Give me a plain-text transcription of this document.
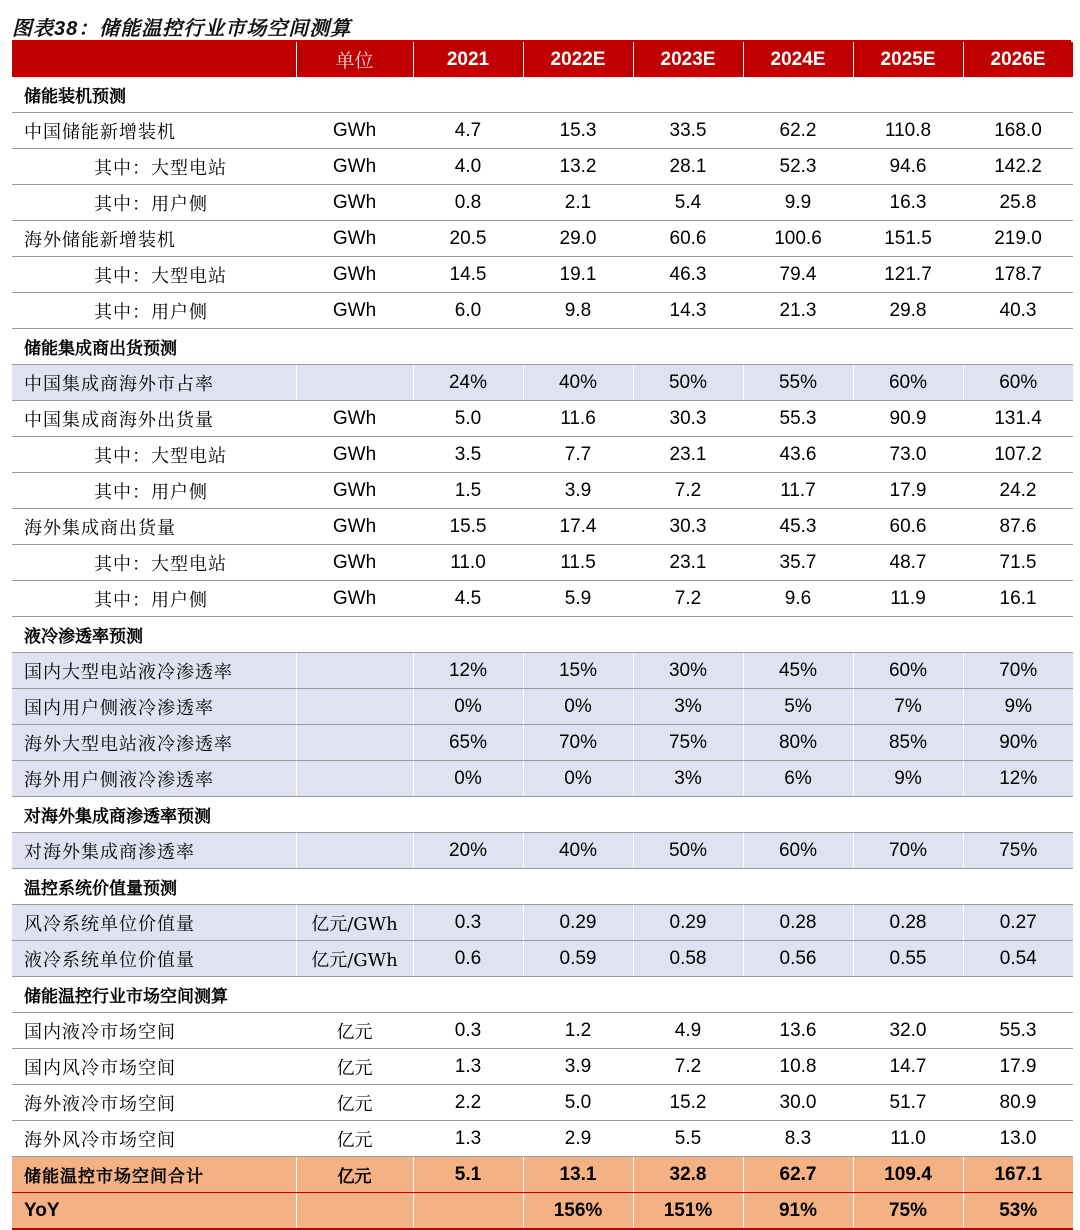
图表38：储能温控行业市场空间测算
	单位	2021	2022E	2023E	2024E	2025E	2026E
储能装机预测							
中国储能新增装机	GWh	4.7	15.3	33.5	62.2	110.8	168.0
其中：大型电站	GWh	4.0	13.2	28.1	52.3	94.6	142.2
其中：用户侧	GWh	0.8	2.1	5.4	9.9	16.3	25.8
海外储能新增装机	GWh	20.5	29.0	60.6	100.6	151.5	219.0
其中：大型电站	GWh	14.5	19.1	46.3	79.4	121.7	178.7
其中：用户侧	GWh	6.0	9.8	14.3	21.3	29.8	40.3
储能集成商出货预测							
中国集成商海外市占率		24%	40%	50%	55%	60%	60%
中国集成商海外出货量	GWh	5.0	11.6	30.3	55.3	90.9	131.4
其中：大型电站	GWh	3.5	7.7	23.1	43.6	73.0	107.2
其中：用户侧	GWh	1.5	3.9	7.2	11.7	17.9	24.2
海外集成商出货量	GWh	15.5	17.4	30.3	45.3	60.6	87.6
其中：大型电站	GWh	11.0	11.5	23.1	35.7	48.7	71.5
其中：用户侧	GWh	4.5	5.9	7.2	9.6	11.9	16.1
液冷渗透率预测							
国内大型电站液冷渗透率		12%	15%	30%	45%	60%	70%
国内用户侧液冷渗透率		0%	0%	3%	5%	7%	9%
海外大型电站液冷渗透率		65%	70%	75%	80%	85%	90%
海外用户侧液冷渗透率		0%	0%	3%	6%	9%	12%
对海外集成商渗透率预测							
对海外集成商渗透率		20%	40%	50%	60%	70%	75%
温控系统价值量预测							
风冷系统单位价值量	亿元/GWh	0.3	0.29	0.29	0.28	0.28	0.27
液冷系统单位价值量	亿元/GWh	0.6	0.59	0.58	0.56	0.55	0.54
储能温控行业市场空间测算							
国内液冷市场空间	亿元	0.3	1.2	4.9	13.6	32.0	55.3
国内风冷市场空间	亿元	1.3	3.9	7.2	10.8	14.7	17.9
海外液冷市场空间	亿元	2.2	5.0	15.2	30.0	51.7	80.9
海外风冷市场空间	亿元	1.3	2.9	5.5	8.3	11.0	13.0
储能温控市场空间合计	亿元	5.1	13.1	32.8	62.7	109.4	167.1
YoY			156%	151%	91%	75%	53%
